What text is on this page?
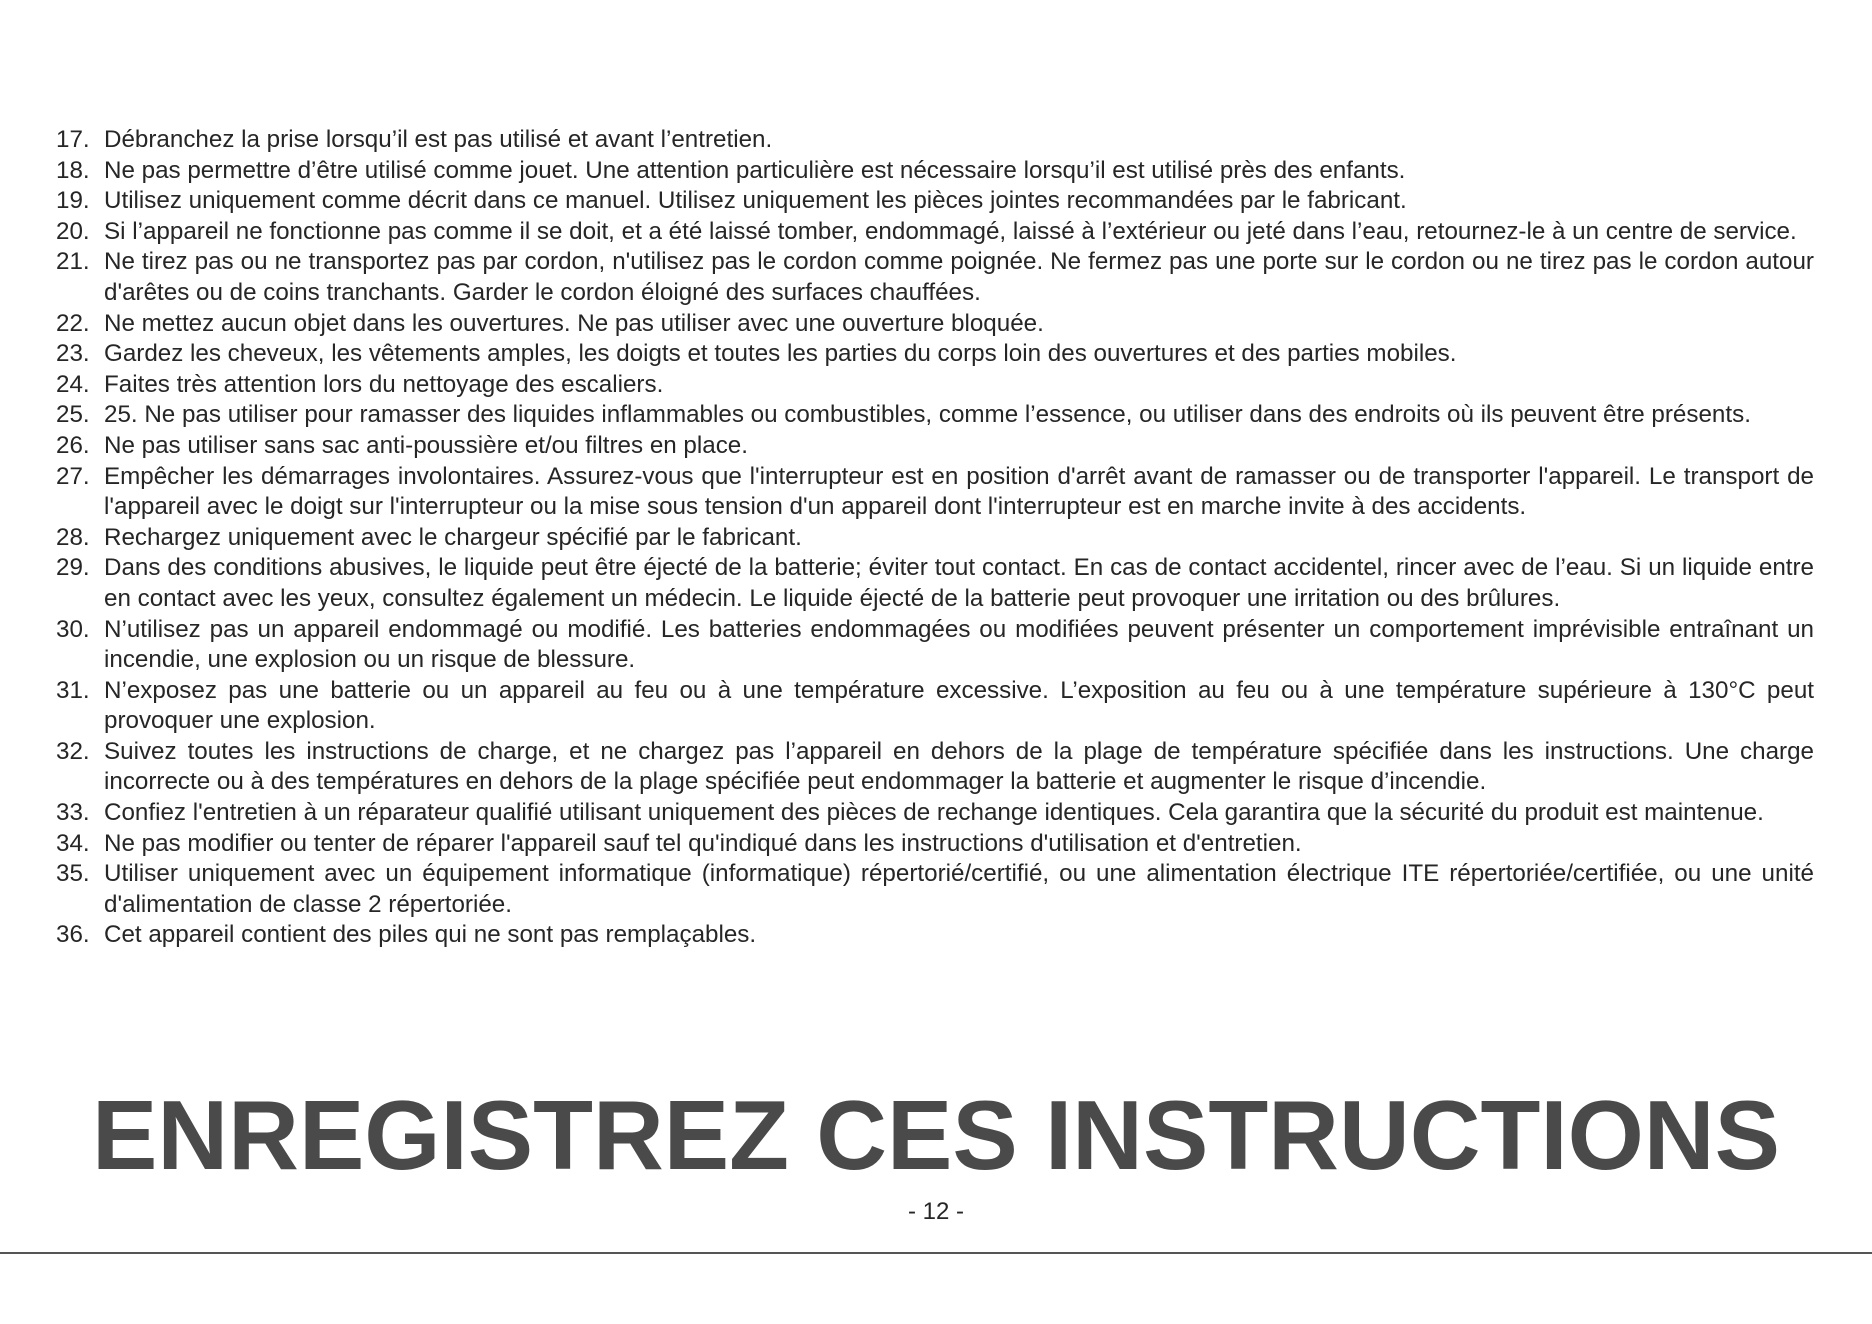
17. Débranchez la prise lorsqu’il est pas utilisé et avant l’entretien.
18. Ne pas permettre d’être utilisé comme jouet. Une attention particulière est nécessaire lorsqu’il est utilisé près des enfants.
19. Utilisez uniquement comme décrit dans ce manuel. Utilisez uniquement les pièces jointes recommandées par le fabricant.
20. Si l’appareil ne fonctionne pas comme il se doit, et a été laissé tomber, endommagé, laissé à l’extérieur ou jeté dans l’eau, retournez-le à un centre de service.
21. Ne tirez pas ou ne transportez pas par cordon, n'utilisez pas le cordon comme poignée. Ne fermez pas une porte sur le cordon ou ne tirez pas le cordon autour d'arêtes ou de coins tranchants. Garder le cordon éloigné des surfaces chauffées.
22. Ne mettez aucun objet dans les ouvertures. Ne pas utiliser avec une ouverture bloquée.
23. Gardez les cheveux, les vêtements amples, les doigts et toutes les parties du corps loin des ouvertures et des parties mobiles.
24. Faites très attention lors du nettoyage des escaliers.
25. 25. Ne pas utiliser pour ramasser des liquides inflammables ou combustibles, comme l’essence, ou utiliser dans des endroits où ils peuvent être présents.
26. Ne pas utiliser sans sac anti-poussière et/ou filtres en place.
27. Empêcher les démarrages involontaires. Assurez-vous que l'interrupteur est en position d'arrêt avant de ramasser ou de transporter l'appareil. Le transport de l'appareil avec le doigt sur l'interrupteur ou la mise sous tension d'un appareil dont l'interrupteur est en marche invite à des accidents.
28. Rechargez uniquement avec le chargeur spécifié par le fabricant.
29. Dans des conditions abusives, le liquide peut être éjecté de la batterie; éviter tout contact. En cas de contact accidentel, rincer avec de l’eau. Si un liquide entre en contact avec les yeux, consultez également un médecin. Le liquide éjecté de la batterie peut provoquer une irritation ou des brûlures.
30. N’utilisez pas un appareil endommagé ou modifié. Les batteries endommagées ou modifiées peuvent présenter un comportement imprévisible entraînant un incendie, une explosion ou un risque de blessure.
31. N’exposez pas une batterie ou un appareil au feu ou à une température excessive. L’exposition au feu ou à une température supérieure à 130°C peut provoquer une explosion.
32. Suivez toutes les instructions de charge, et ne chargez pas l’appareil en dehors de la plage de température spécifiée dans les instructions. Une charge incorrecte ou à des températures en dehors de la plage spécifiée peut endommager la batterie et augmenter le risque d’incendie.
33. Confiez l'entretien à un réparateur qualifié utilisant uniquement des pièces de rechange identiques. Cela garantira que la sécurité du produit est maintenue.
34. Ne pas modifier ou tenter de réparer l'appareil sauf tel qu'indiqué dans les instructions d'utilisation et d'entretien.
35. Utiliser uniquement avec un équipement informatique (informatique) répertorié/certifié, ou une alimentation électrique ITE répertoriée/certifiée, ou une unité d'alimentation de classe 2 répertoriée.
36. Cet appareil contient des piles qui ne sont pas remplaçables.
ENREGISTREZ CES INSTRUCTIONS
- 12 -
